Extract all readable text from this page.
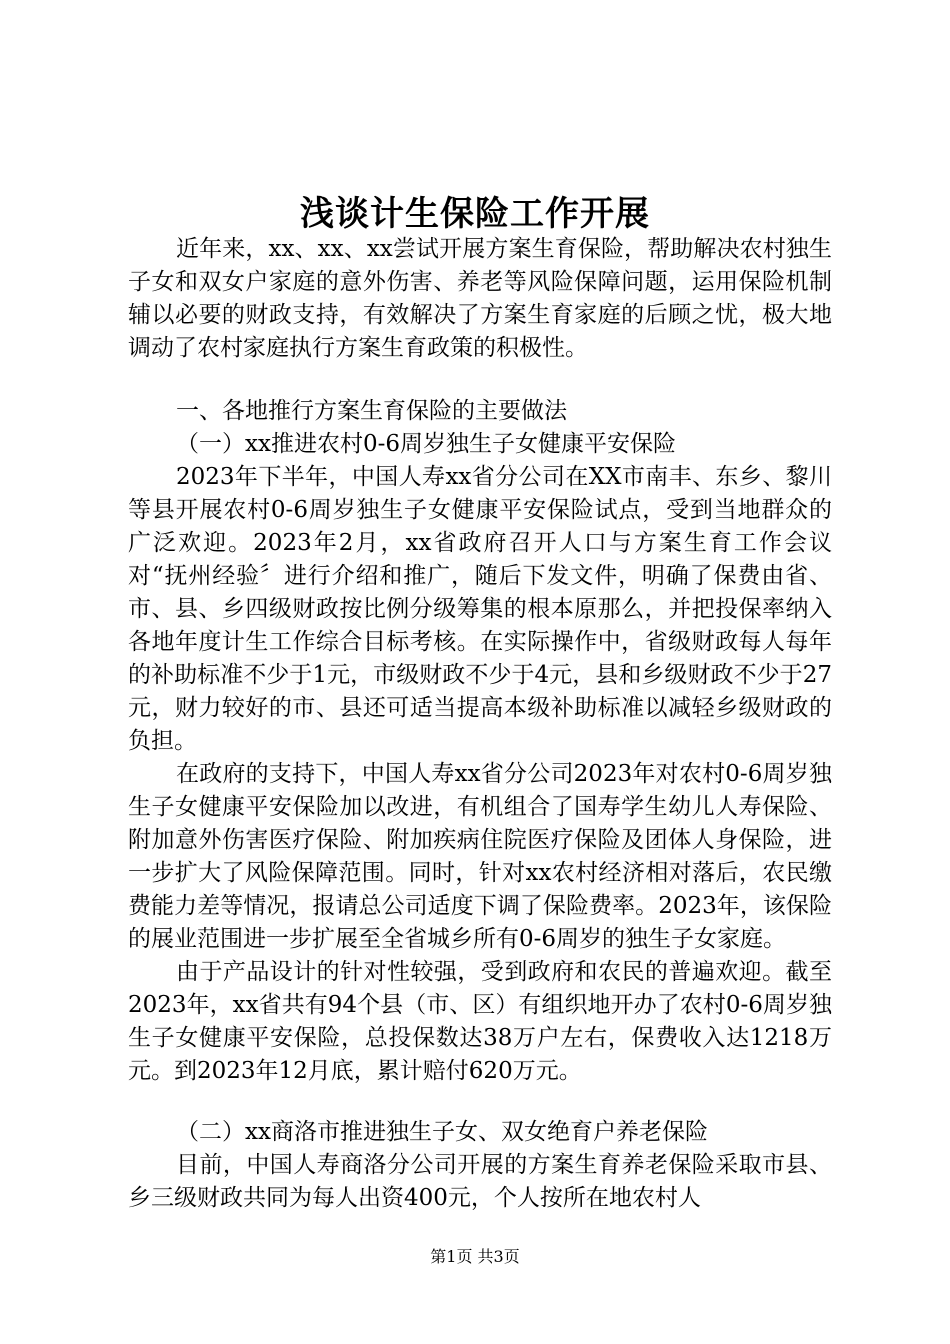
浅谈计生保险工作开展

近年来，xx、xx、xx尝试开展方案生育保险，帮助解决农村独生子女和双女户家庭的意外伤害、养老等风险保障问题，运用保险机制辅以必要的财政支持，有效解决了方案生育家庭的后顾之忧，极大地调动了农村家庭执行方案生育政策的积极性。

一、各地推行方案生育保险的主要做法

（一）xx推进农村0-6周岁独生子女健康平安保险

2023年下半年，中国人寿xx省分公司在XX市南丰、东乡、黎川等县开展农村0-6周岁独生子女健康平安保险试点，受到当地群众的广泛欢迎。2023年2月，xx省政府召开人口与方案生育工作会议对“抚州经验〞进行介绍和推广，随后下发文件，明确了保费由省、市、县、乡四级财政按比例分级筹集的根本原那么，并把投保率纳入各地年度计生工作综合目标考核。在实际操作中，省级财政每人每年的补助标准不少于1元，市级财政不少于4元，县和乡级财政不少于27元，财力较好的市、县还可适当提高本级补助标准以减轻乡级财政的负担。

在政府的支持下，中国人寿xx省分公司2023年对农村0-6周岁独生子女健康平安保险加以改进，有机组合了国寿学生幼儿人寿保险、附加意外伤害医疗保险、附加疾病住院医疗保险及团体人身保险，进一步扩大了风险保障范围。同时，针对xx农村经济相对落后，农民缴费能力差等情况，报请总公司适度下调了保险费率。2023年，该保险的展业范围进一步扩展至全省城乡所有0-6周岁的独生子女家庭。

由于产品设计的针对性较强，受到政府和农民的普遍欢迎。截至2023年，xx省共有94个县（市、区）有组织地开办了农村0-6周岁独生子女健康平安保险，总投保数达38万户左右，保费收入达1218万元。到2023年12月底，累计赔付620万元。

（二）xx商洛市推进独生子女、双女绝育户养老保险

目前，中国人寿商洛分公司开展的方案生育养老保险采取市县、乡三级财政共同为每人出资400元，个人按所在地农村人

第1页 共3页
